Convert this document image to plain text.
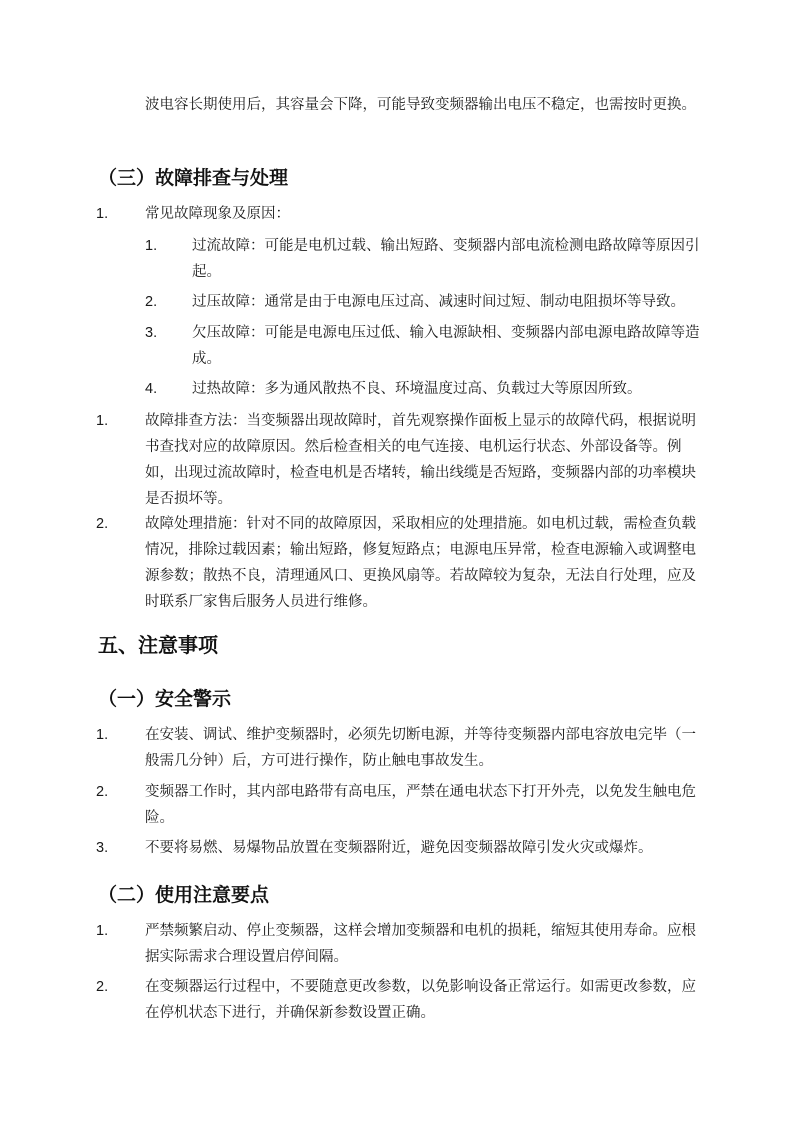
波电容长期使用后，其容量会下降，可能导致变频器输出电压不稳定，也需按时更换。
（三）故障排查与处理
1.	常见故障现象及原因：
1. 过流故障：可能是电机过载、输出短路、变频器内部电流检测电路故障等原因引起。
2. 过压故障：通常是由于电源电压过高、减速时间过短、制动电阻损坏等导致。
3. 欠压故障：可能是电源电压过低、输入电源缺相、变频器内部电源电路故障等造成。
4. 过热故障：多为通风散热不良、环境温度过高、负载过大等原因所致。
1.	故障排查方法：当变频器出现故障时，首先观察操作面板上显示的故障代码，根据说明书查找对应的故障原因。然后检查相关的电气连接、电机运行状态、外部设备等。例如，出现过流故障时，检查电机是否堵转，输出线缆是否短路，变频器内部的功率模块是否损坏等。
2.	故障处理措施：针对不同的故障原因，采取相应的处理措施。如电机过载，需检查负载情况，排除过载因素；输出短路，修复短路点；电源电压异常，检查电源输入或调整电源参数；散热不良，清理通风口、更换风扇等。若故障较为复杂，无法自行处理，应及时联系厂家售后服务人员进行维修。
五、注意事项
（一）安全警示
1.	在安装、调试、维护变频器时，必须先切断电源，并等待变频器内部电容放电完毕（一般需几分钟）后，方可进行操作，防止触电事故发生。
2.	变频器工作时，其内部电路带有高电压，严禁在通电状态下打开外壳，以免发生触电危险。
3.	不要将易燃、易爆物品放置在变频器附近，避免因变频器故障引发火灾或爆炸。
（二）使用注意要点
1.	严禁频繁启动、停止变频器，这样会增加变频器和电机的损耗，缩短其使用寿命。应根据实际需求合理设置启停间隔。
2.	在变频器运行过程中，不要随意更改参数，以免影响设备正常运行。如需更改参数，应在停机状态下进行，并确保新参数设置正确。
